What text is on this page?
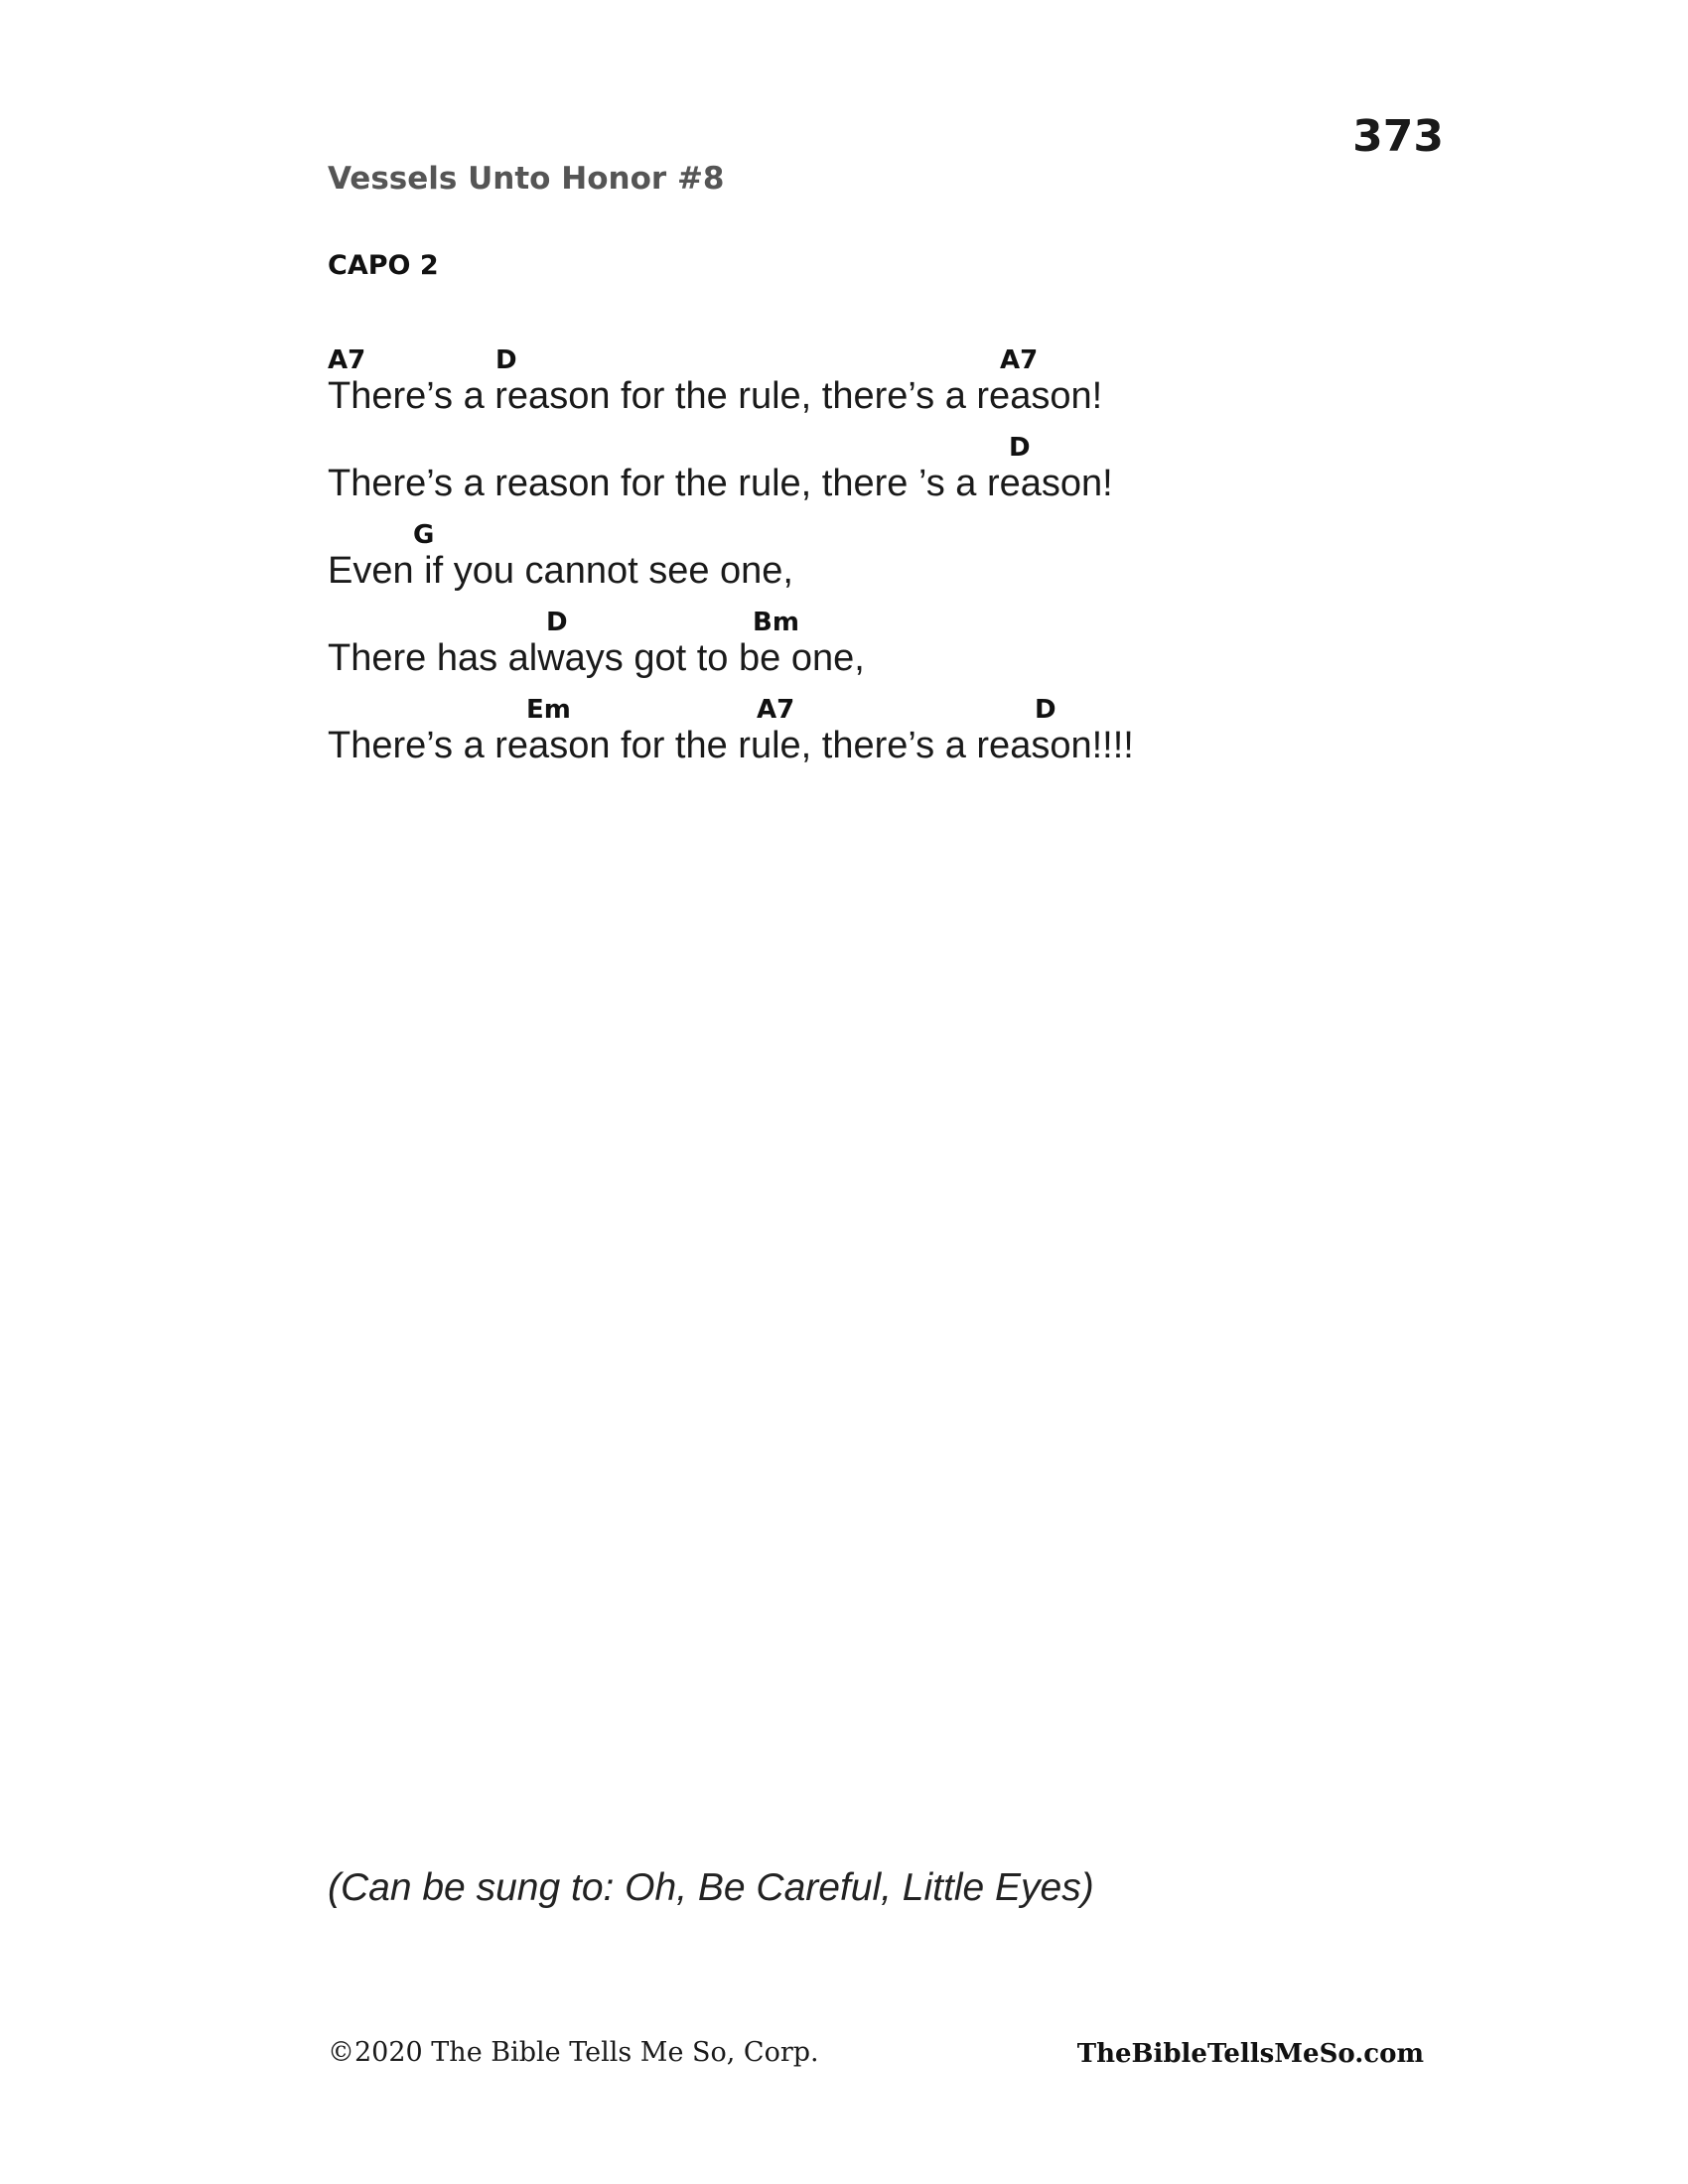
373
Vessels Unto Honor #8
CAPO 2
A7	D	A7
There’s a reason for the rule, there’s a reason!
D
There’s a reason for the rule, there ’s a reason!
G
Even if you cannot see one,
D	Bm
There has always got to be one,
Em	A7	D
There’s a reason for the rule, there’s a reason!!!!
(Can be sung to: Oh, Be Careful, Little Eyes)
©2020 The Bible Tells Me So, Corp.	TheBibleTellsMeSo.com
